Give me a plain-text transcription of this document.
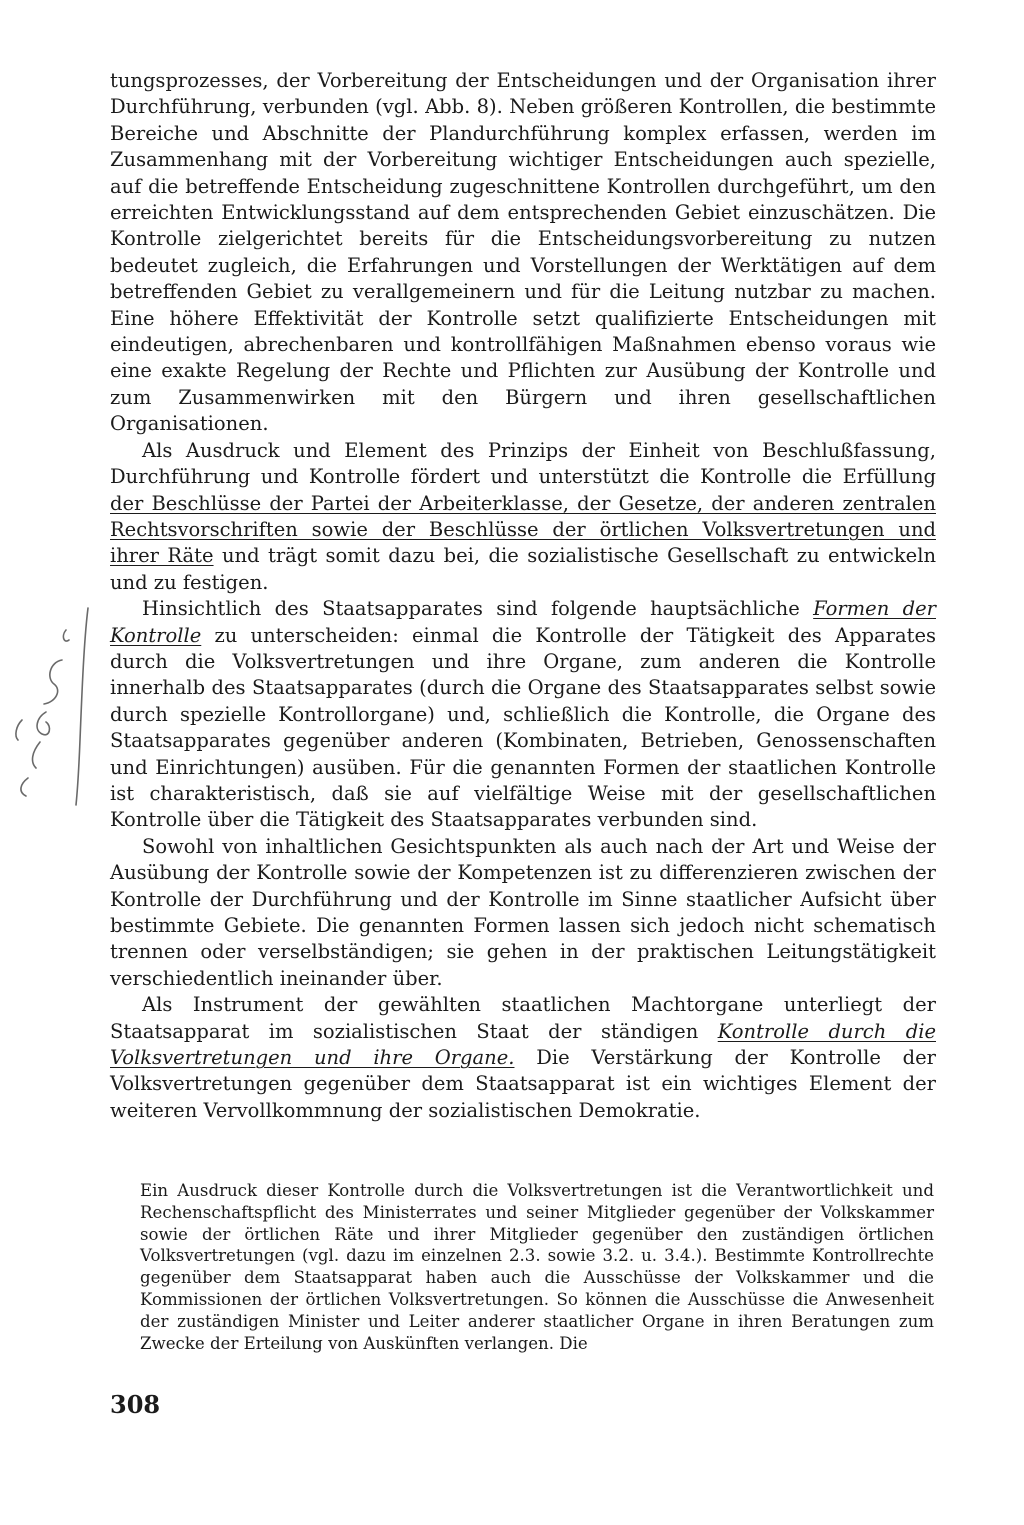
tungsprozesses, der Vorbereitung der Entscheidungen und der Organisation ihrer Durchführung, verbunden (vgl. Abb. 8). Neben größeren Kontrollen, die bestimmte Bereiche und Abschnitte der Plandurchführung komplex erfassen, werden im Zusammenhang mit der Vorbereitung wichtiger Entscheidungen auch spezielle, auf die betreffende Entscheidung zugeschnittene Kontrollen durchgeführt, um den erreichten Entwicklungsstand auf dem entsprechenden Gebiet einzuschätzen. Die Kontrolle zielgerichtet bereits für die Entscheidungsvorbereitung zu nutzen bedeutet zugleich, die Erfahrungen und Vorstellungen der Werktätigen auf dem betreffenden Gebiet zu verallgemeinern und für die Leitung nutzbar zu machen. Eine höhere Effektivität der Kontrolle setzt qualifizierte Entscheidungen mit eindeutigen, abrechenbaren und kontrollfähigen Maßnahmen ebenso voraus wie eine exakte Regelung der Rechte und Pflichten zur Ausübung der Kontrolle und zum Zusammenwirken mit den Bürgern und ihren gesellschaftlichen Organisationen.

Als Ausdruck und Element des Prinzips der Einheit von Beschlußfassung, Durchführung und Kontrolle fördert und unterstützt die Kontrolle die Erfüllung der Beschlüsse der Partei der Arbeiterklasse, der Gesetze, der anderen zentralen Rechtsvorschriften sowie der Beschlüsse der örtlichen Volksvertretungen und ihrer Räte und trägt somit dazu bei, die sozialistische Gesellschaft zu entwickeln und zu festigen.

Hinsichtlich des Staatsapparates sind folgende hauptsächliche Formen der Kontrolle zu unterscheiden: einmal die Kontrolle der Tätigkeit des Apparates durch die Volksvertretungen und ihre Organe, zum anderen die Kontrolle innerhalb des Staatsapparates (durch die Organe des Staatsapparates selbst sowie durch spezielle Kontrollorgane) und, schließlich die Kontrolle, die Organe des Staatsapparates gegenüber anderen (Kombinaten, Betrieben, Genossenschaften und Einrichtungen) ausüben. Für die genannten Formen der staatlichen Kontrolle ist charakteristisch, daß sie auf vielfältige Weise mit der gesellschaftlichen Kontrolle über die Tätigkeit des Staatsapparates verbunden sind.

Sowohl von inhaltlichen Gesichtspunkten als auch nach der Art und Weise der Ausübung der Kontrolle sowie der Kompetenzen ist zu differenzieren zwischen der Kontrolle der Durchführung und der Kontrolle im Sinne staatlicher Aufsicht über bestimmte Gebiete. Die genannten Formen lassen sich jedoch nicht schematisch trennen oder verselbständigen; sie gehen in der praktischen Leitungstätigkeit verschiedentlich ineinander über.

Als Instrument der gewählten staatlichen Machtorgane unterliegt der Staatsapparat im sozialistischen Staat der ständigen Kontrolle durch die Volksvertretungen und ihre Organe. Die Verstärkung der Kontrolle der Volksvertretungen gegenüber dem Staatsapparat ist ein wichtiges Element der weiteren Vervollkommnung der sozialistischen Demokratie.

Ein Ausdruck dieser Kontrolle durch die Volksvertretungen ist die Verantwortlichkeit und Rechenschaftspflicht des Ministerrates und seiner Mitglieder gegenüber der Volkskammer sowie der örtlichen Räte und ihrer Mitglieder gegenüber den zuständigen örtlichen Volksvertretungen (vgl. dazu im einzelnen 2.3. sowie 3.2. u. 3.4.). Bestimmte Kontrollrechte gegenüber dem Staatsapparat haben auch die Ausschüsse der Volkskammer und die Kommissionen der örtlichen Volksvertretungen. So können die Ausschüsse die Anwesenheit der zuständigen Minister und Leiter anderer staatlicher Organe in ihren Beratungen zum Zwecke der Erteilung von Auskünften verlangen. Die

308
